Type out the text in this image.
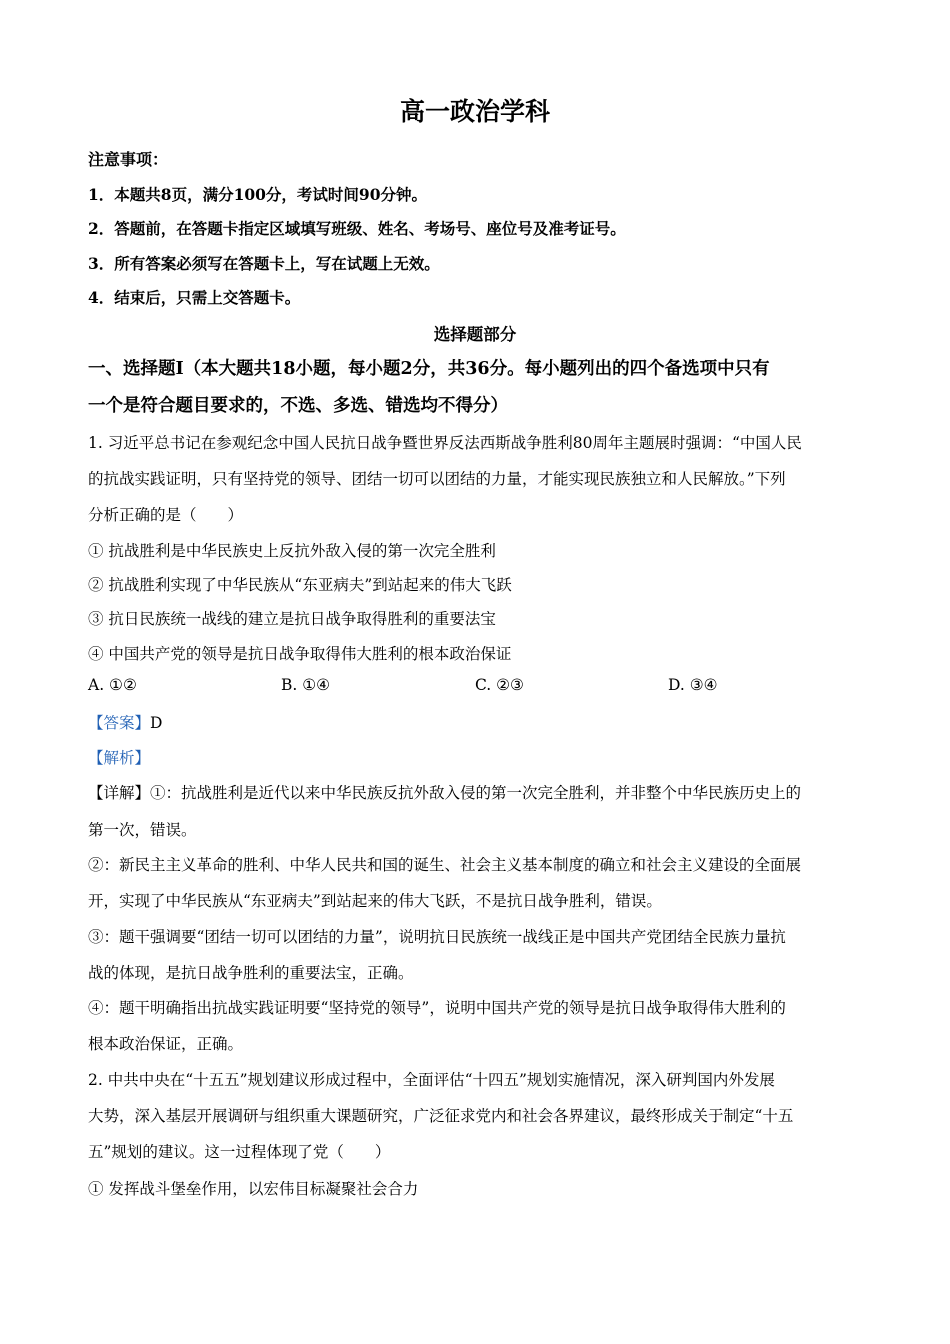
高一政治学科
注意事项：
1．本题共8页，满分100分，考试时间90分钟。
2．答题前，在答题卡指定区域填写班级、姓名、考场号、座位号及准考证号。
3．所有答案必须写在答题卡上，写在试题上无效。
4．结束后，只需上交答题卡。
选择题部分
一、选择题Ⅰ（本大题共18小题，每小题2分，共36分。每小题列出的四个备选项中只有
一个是符合题目要求的，不选、多选、错选均不得分）
1. 习近平总书记在参观纪念中国人民抗日战争暨世界反法西斯战争胜利80周年主题展时强调：“中国人民
的抗战实践证明，只有坚持党的领导、团结一切可以团结的力量，才能实现民族独立和人民解放。”下列
分析正确的是（　　）
① 抗战胜利是中华民族史上反抗外敌入侵的第一次完全胜利
② 抗战胜利实现了中华民族从“东亚病夫”到站起来的伟大飞跃
③ 抗日民族统一战线的建立是抗日战争取得胜利的重要法宝
④ 中国共产党的领导是抗日战争取得伟大胜利的根本政治保证
A. ①②	B. ①④	C. ②③	D. ③④
【答案】D
【解析】
【详解】①：抗战胜利是近代以来中华民族反抗外敌入侵的第一次完全胜利，并非整个中华民族历史上的
第一次，错误。
②：新民主主义革命的胜利、中华人民共和国的诞生、社会主义基本制度的确立和社会主义建设的全面展
开，实现了中华民族从“东亚病夫”到站起来的伟大飞跃，不是抗日战争胜利，错误。
③：题干强调要“团结一切可以团结的力量”，说明抗日民族统一战线正是中国共产党团结全民族力量抗
战的体现，是抗日战争胜利的重要法宝，正确。
④：题干明确指出抗战实践证明要“坚持党的领导”，说明中国共产党的领导是抗日战争取得伟大胜利的
根本政治保证，正确。
2. 中共中央在“十五五”规划建议形成过程中，全面评估“十四五”规划实施情况，深入研判国内外发展
大势，深入基层开展调研与组织重大课题研究，广泛征求党内和社会各界建议，最终形成关于制定“十五
五”规划的建议。这一过程体现了党（　　）
① 发挥战斗堡垒作用，以宏伟目标凝聚社会合力
